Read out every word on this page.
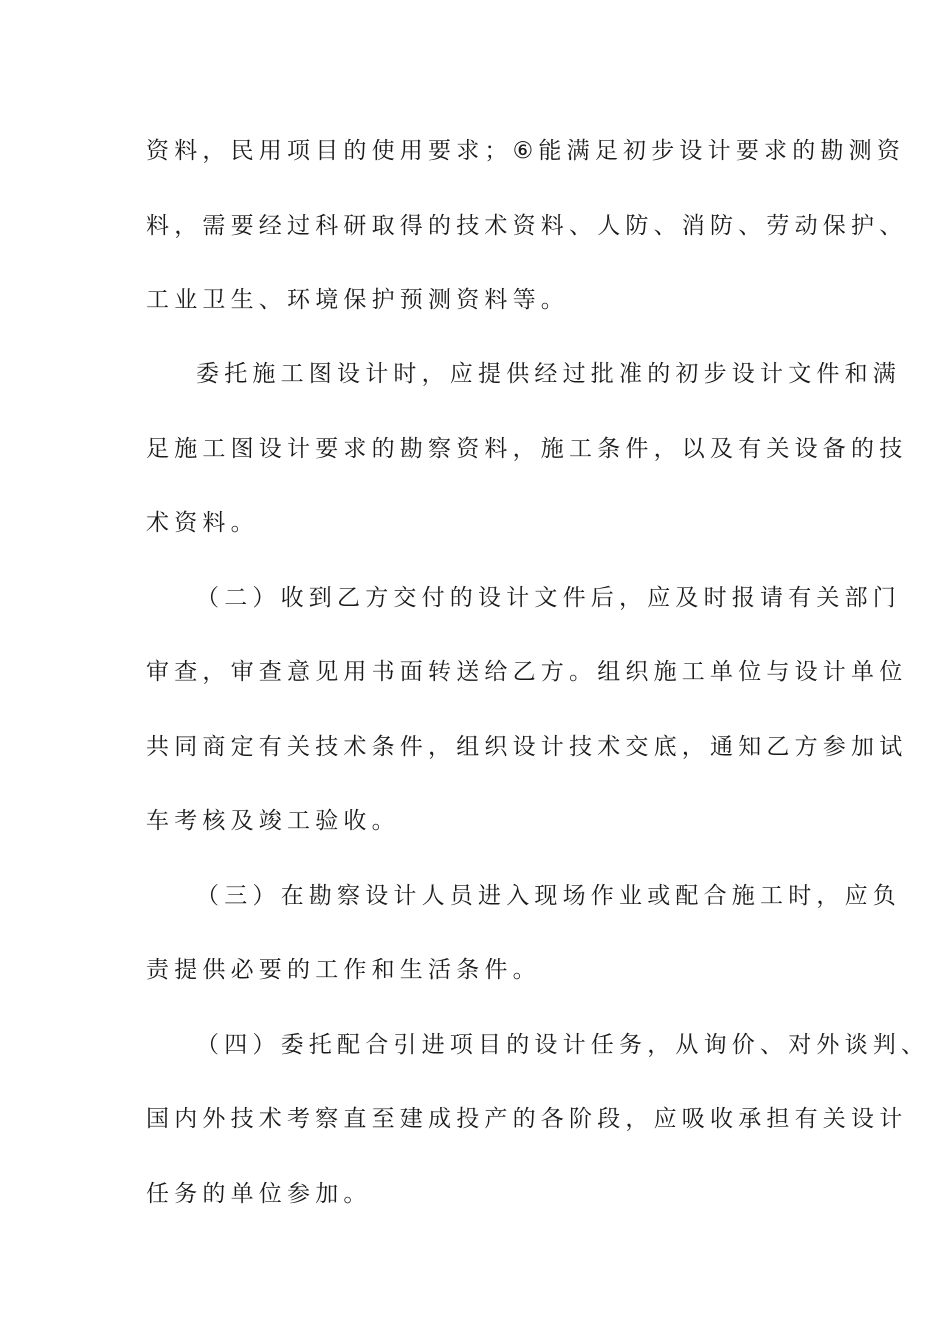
资料，民用项目的使用要求；⑥能满足初步设计要求的勘测资
料，需要经过科研取得的技术资料、人防、消防、劳动保护、
工业卫生、环境保护预测资料等。
委托施工图设计时，应提供经过批准的初步设计文件和满
足施工图设计要求的勘察资料，施工条件，以及有关设备的技
术资料。
（二）收到乙方交付的设计文件后，应及时报请有关部门
审查，审查意见用书面转送给乙方。组织施工单位与设计单位
共同商定有关技术条件，组织设计技术交底，通知乙方参加试
车考核及竣工验收。
（三）在勘察设计人员进入现场作业或配合施工时，应负
责提供必要的工作和生活条件。
（四）委托配合引进项目的设计任务，从询价、对外谈判、
国内外技术考察直至建成投产的各阶段，应吸收承担有关设计
任务的单位参加。
